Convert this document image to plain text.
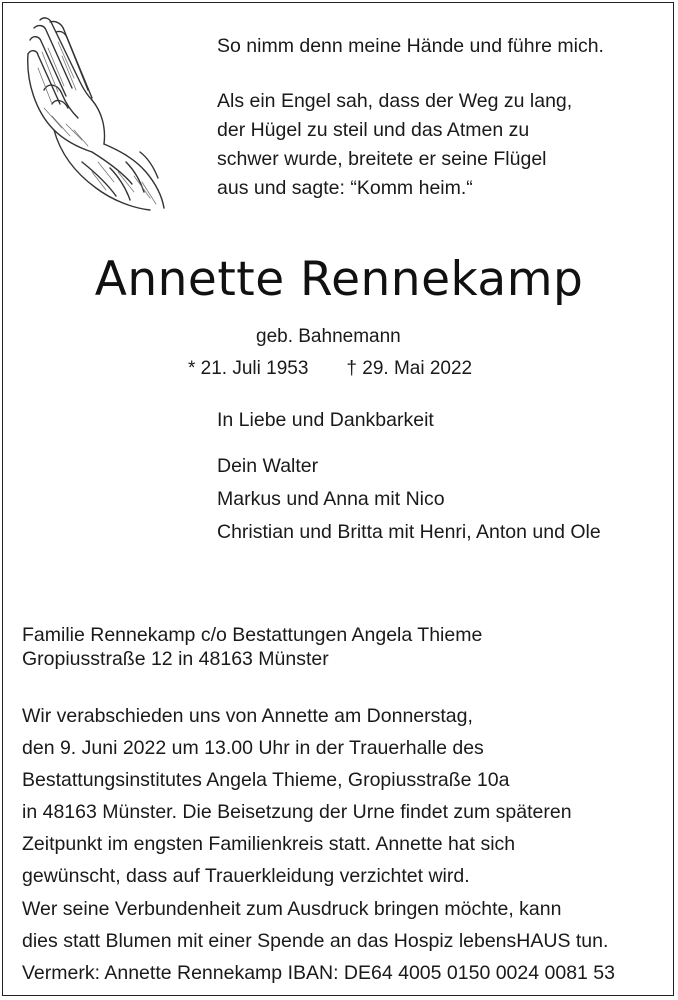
So nimm denn meine Hände und führe mich.
Als ein Engel sah, dass der Weg zu lang,
der Hügel zu steil und das Atmen zu
schwer wurde, breitete er seine Flügel
aus und sagte: “Komm heim.“
Annette Rennekamp
geb. Bahnemann
* 21. Juli 1953 † 29. Mai 2022
In Liebe und Dankbarkeit
Dein Walter
Markus und Anna mit Nico
Christian und Britta mit Henri, Anton und Ole
Familie Rennekamp c/o Bestattungen Angela Thieme
Gropiusstraße 12 in 48163 Münster
Wir verabschieden uns von Annette am Donnerstag,
den 9. Juni 2022 um 13.00 Uhr in der Trauerhalle des
Bestattungsinstitutes Angela Thieme, Gropiusstraße 10a
in 48163 Münster. Die Beisetzung der Urne findet zum späteren
Zeitpunkt im engsten Familienkreis statt. Annette hat sich
gewünscht, dass auf Trauerkleidung verzichtet wird.
Wer seine Verbundenheit zum Ausdruck bringen möchte, kann
dies statt Blumen mit einer Spende an das Hospiz lebensHAUS tun.
Vermerk: Annette Rennekamp IBAN: DE64 4005 0150 0024 0081 53
